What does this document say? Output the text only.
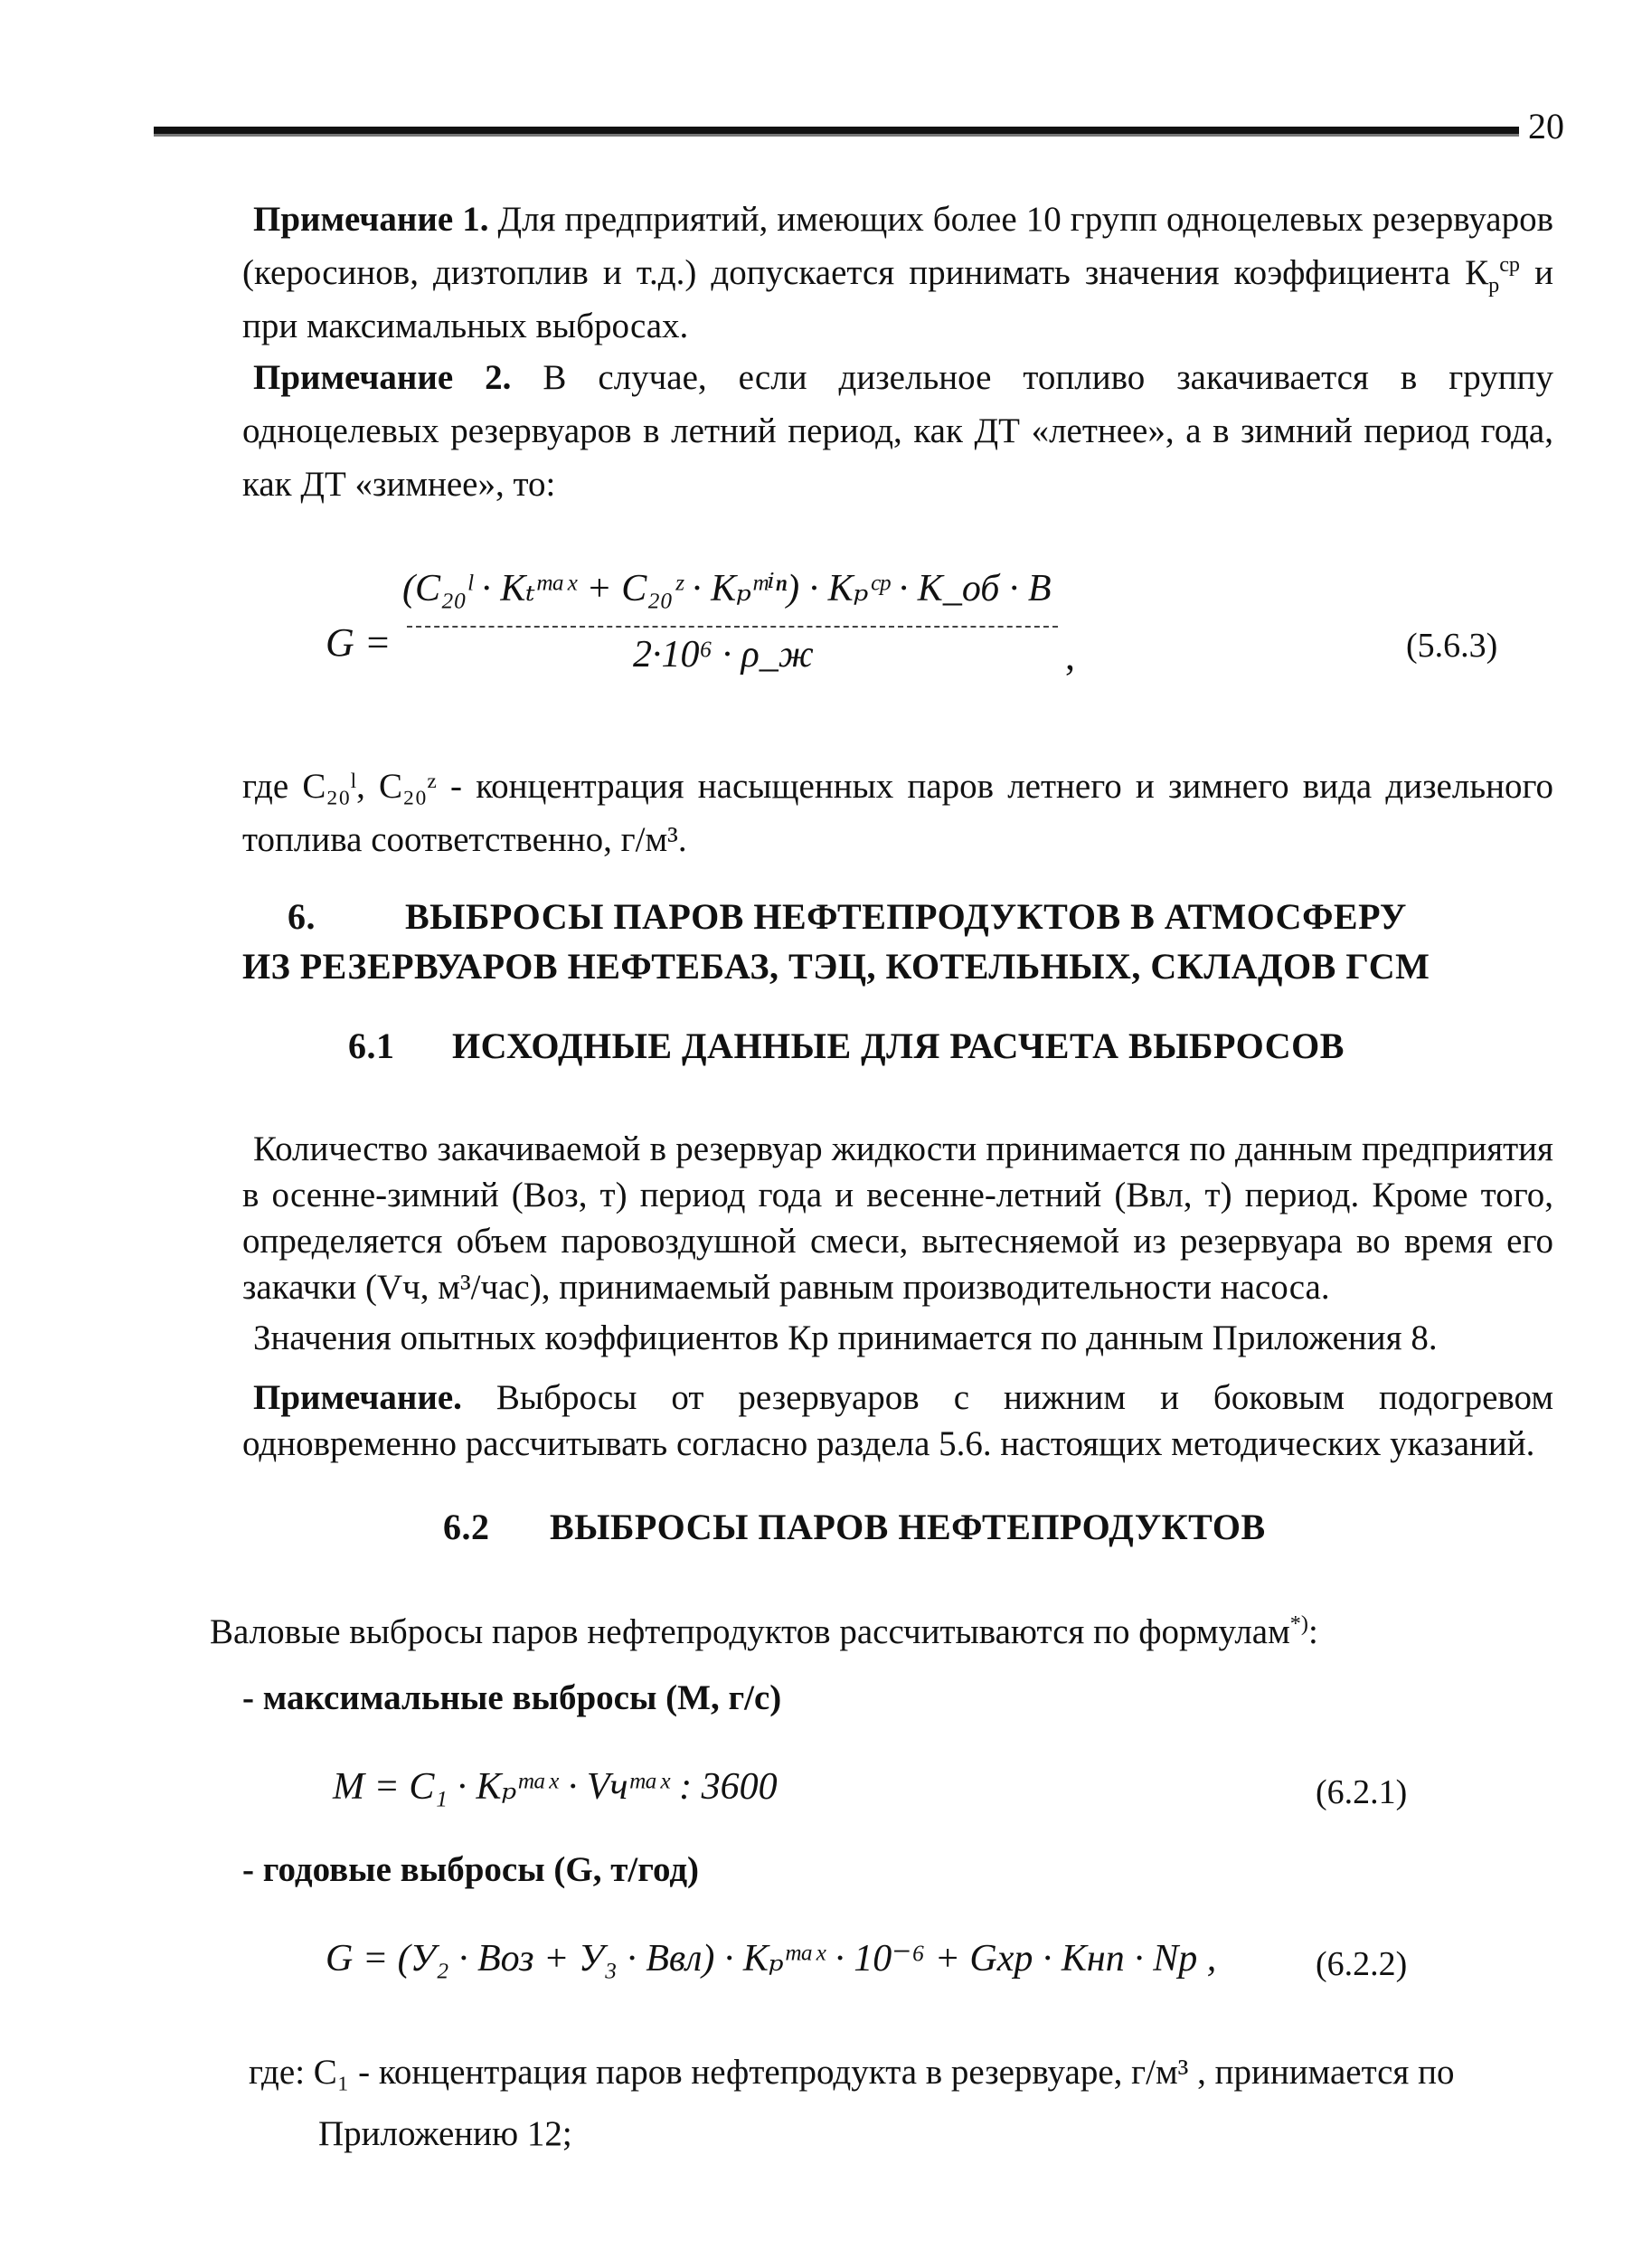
20

Примечание 1. Для предприятий, имеющих более 10 групп одноцелевых резервуаров (керосинов, дизтоплив и т.д.) допускается принимать значения коэффициента $К_р^{ср}$ и при максимальных выбросах.

Примечание 2. В случае, если дизельное топливо закачивается в группу одноцелевых резервуаров в летний период, как ДТ «летнее», а в зимний период года, как ДТ «зимнее», то:

G =
(C₂₀ˡ · Kₜᵐᵃˣ + C₂₀ᶻ · Kₚᵐⁱⁿ) · Kₚᶜᵖ · K_об · B
2·10⁶ · ρ_ж	,	(5.6.3)

где С₂₀ˡ, С₂₀ᶻ - концентрация насыщенных паров летнего и зимнего вида дизельного топлива соответственно, г/м³.

6. ВЫБРОСЫ ПАРОВ НЕФТЕПРОДУКТОВ В АТМОСФЕРУ
ИЗ РЕЗЕРВУАРОВ НЕФТЕБАЗ, ТЭЦ, КОТЕЛЬНЫХ, СКЛАДОВ ГСМ
6.1 ИСХОДНЫЕ ДАННЫЕ ДЛЯ РАСЧЕТА ВЫБРОСОВ

Количество закачиваемой в резервуар жидкости принимается по данным предприятия в осенне-зимний (Воз, т) период года и весенне-летний (Ввл, т) период. Кроме того, определяется объем паровоздушной смеси, вытесняемой из резервуара во время его закачки (Vч, м³/час), принимаемый равным производительности насоса.

Значения опытных коэффициентов Кр принимается по данным Приложения 8.

Примечание. Выбросы от резервуаров с нижним и боковым подогревом одновременно рассчитывать согласно раздела 5.6. настоящих методических указаний.

6.2 ВЫБРОСЫ ПАРОВ НЕФТЕПРОДУКТОВ

Валовые выбросы паров нефтепродуктов рассчитываются по формулам*):

- максимальные выбросы (М, г/с)
M = C₁ · Kₚᵐᵃˣ · Vчᵐᵃˣ : 3600	(6.2.1)
- годовые выбросы (G, т/год)
G = (У₂ · Воз + У₃ · Ввл) · Kₚᵐᵃˣ · 10⁻⁶ + Gхр · Kнп · Nр ,	(6.2.2)
где: С₁ - концентрация паров нефтепродукта в резервуаре, г/м³ , принимается по
Приложению 12;
